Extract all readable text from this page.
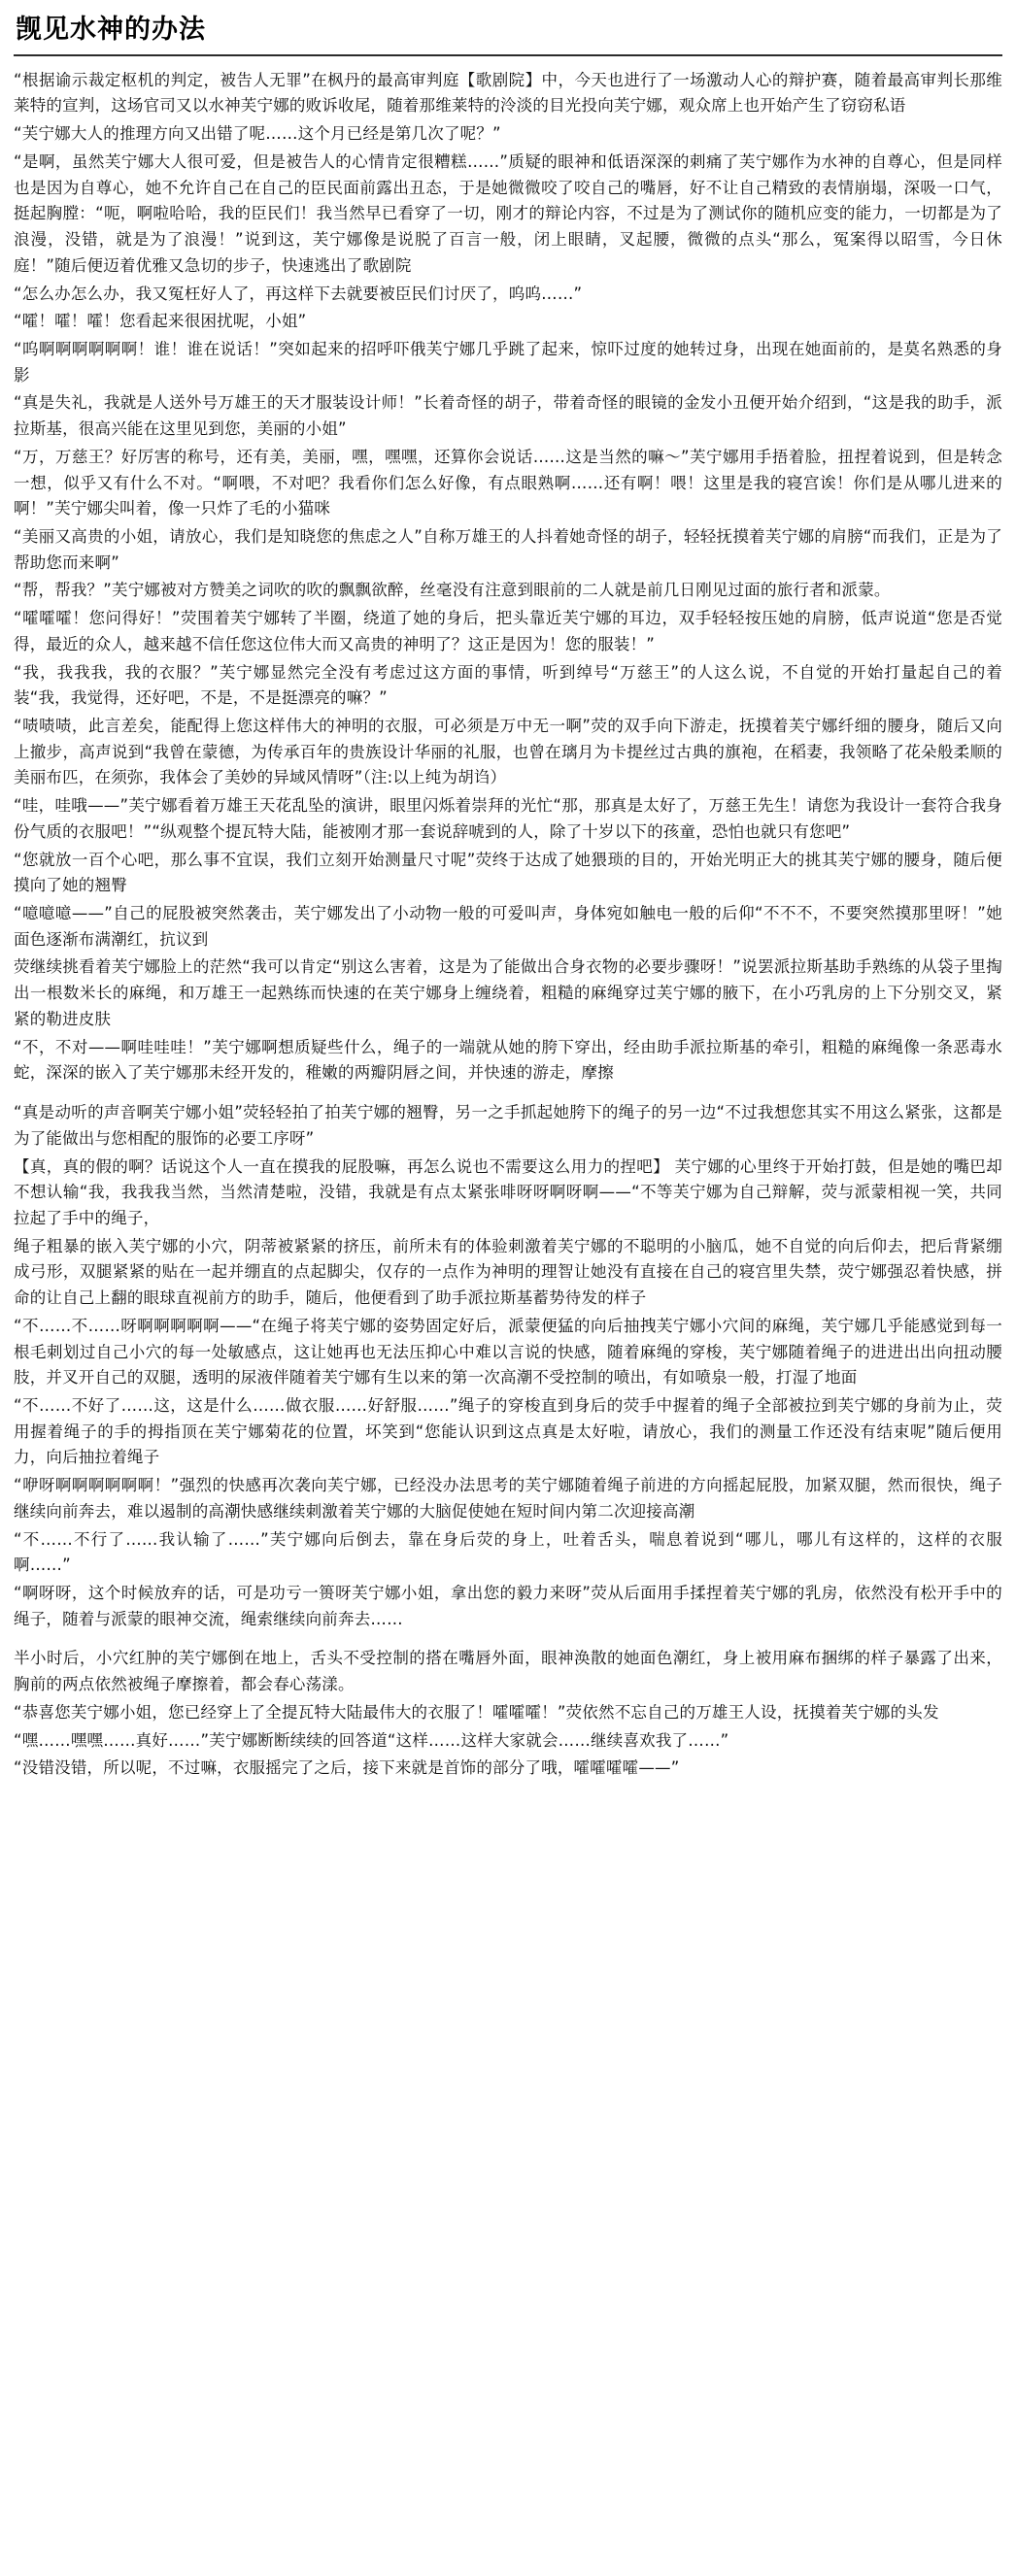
觊见水神的办法
“根据谕示裁定枢机的判定，被告人无罪”在枫丹的最高审判庭【歌剧院】中，今天也进行了一场激动人心的辩护赛，随着最高审判长那维莱特的宣判，这场官司又以水神芙宁娜的败诉收尾，随着那维莱特的泠淡的目光投向芙宁娜，观众席上也开始产生了窃窃私语
“芙宁娜大人的推理方向又出错了呢……这个月已经是第几次了呢？”
“是啊，虽然芙宁娜大人很可爱，但是被告人的心情肯定很糟糕……”质疑的眼神和低语深深的刺痛了芙宁娜作为水神的自尊心，但是同样也是因为自尊心，她不允许自己在自己的臣民面前露出丑态，于是她微微咬了咬自己的嘴唇，好不让自己精致的表情崩塌，深吸一口气，挺起胸膛：“呃，啊啦哈哈，我的臣民们！我当然早已看穿了一切，刚才的辩论内容，不过是为了测试你的随机应变的能力，一切都是为了浪漫，没错，就是为了浪漫！”说到这，芙宁娜像是说脱了百言一般，闭上眼睛，叉起腰，微微的点头“那么，冤案得以昭雪，今日休庭！”随后便迈着优雅又急切的步子，快速逃出了歌剧院
“怎么办怎么办，我又冤枉好人了，再这样下去就要被臣民们讨厌了，呜呜……”
“嚯！嚯！嚯！您看起来很困扰呢，小姐”
“呜啊啊啊啊啊啊！谁！谁在说话！”突如起来的招呼吓俄芙宁娜几乎跳了起来，惊吓过度的她转过身，出现在她面前的，是莫名熟悉的身影
“真是失礼，我就是人送外号万雄王的天才服装设计师！”长着奇怪的胡子，带着奇怪的眼镜的金发小丑便开始介绍到，“这是我的助手，派拉斯基，很高兴能在这里见到您，美丽的小姐”
“万，万慈王？好厉害的称号，还有美，美丽，嘿，嘿嘿，还算你会说话……这是当然的嘛～”芙宁娜用手捂着脸，扭捏着说到，但是转念一想，似乎又有什么不对。“啊喂，不对吧？我看你们怎么好像，有点眼熟啊……还有啊！喂！这里是我的寝宫诶！你们是从哪儿进来的啊！”芙宁娜尖叫着，像一只炸了毛的小猫咪
“美丽又高贵的小姐，请放心，我们是知晓您的焦虑之人”自称万雄王的人抖着她奇怪的胡子，轻轻抚摸着芙宁娜的肩膀“而我们，正是为了帮助您而来啊”
“帮，帮我？”芙宁娜被对方赞美之词吹的吹的飘飘欲醉，丝毫没有注意到眼前的二人就是前几日刚见过面的旅行者和派蒙。
“嚯嚯嚯！您问得好！”荧围着芙宁娜转了半圈，绕道了她的身后，把头靠近芙宁娜的耳边，双手轻轻按压她的肩膀，低声说道“您是否觉得，最近的众人，越来越不信任您这位伟大而又高贵的神明了？这正是因为！您的服装！”
“我，我我我，我的衣服？”芙宁娜显然完全没有考虑过这方面的事情，听到绰号“万慈王”的人这么说，不自觉的开始打量起自己的着装“我，我觉得，还好吧，不是，不是挺漂亮的嘛？”
“啧啧啧，此言差矣，能配得上您这样伟大的神明的衣服，可必须是万中无一啊”荧的双手向下游走，抚摸着芙宁娜纤细的腰身，随后又向上撤步，高声说到“我曾在蒙德，为传承百年的贵族设计华丽的礼服，也曾在璃月为卡提丝过古典的旗袍，在稻妻，我领略了花朵般柔顺的美丽布匹，在须弥，我体会了美妙的异域风情呀”（注:以上纯为胡诌）
“哇，哇哦——”芙宁娜看着万雄王天花乱坠的演讲，眼里闪烁着崇拜的光忙“那，那真是太好了，万慈王先生！请您为我设计一套符合我身份气质的衣服吧！”“纵观整个提瓦特大陆，能被刚才那一套说辞唬到的人，除了十岁以下的孩童，恐怕也就只有您吧”
“您就放一百个心吧，那么事不宜误，我们立刻开始测量尺寸呢”荧终于达成了她猥琐的目的，开始光明正大的挑其芙宁娜的腰身，随后便摸向了她的翘臀
“噫噫噫——”自己的屁股被突然袭击，芙宁娜发出了小动物一般的可爱叫声，身体宛如触电一般的后仰“不不不，不要突然摸那里呀！”她面色逐渐布满潮红，抗议到
荧继续挑看着芙宁娜脸上的茫然“我可以肯定“别这么害着，这是为了能做出合身衣物的必要步骤呀！”说罢派拉斯基助手熟练的从袋子里掏出一根数米长的麻绳，和万雄王一起熟练而快速的在芙宁娜身上缠绕着，粗糙的麻绳穿过芙宁娜的腋下，在小巧乳房的上下分别交叉，紧紧的勒进皮肤
“不，不对——啊哇哇哇！”芙宁娜啊想质疑些什么，绳子的一端就从她的胯下穿出，经由助手派拉斯基的牵引，粗糙的麻绳像一条恶毒水蛇，深深的嵌入了芙宁娜那未经开发的，稚嫩的两瓣阴唇之间，并快速的游走，摩擦
“真是动听的声音啊芙宁娜小姐”荧轻轻拍了拍芙宁娜的翘臀，另一之手抓起她胯下的绳子的另一边“不过我想您其实不用这么紧张，这都是为了能做出与您相配的服饰的必要工序呀”
【真，真的假的啊？话说这个人一直在摸我的屁股嘛，再怎么说也不需要这么用力的捏吧】 芙宁娜的心里终于开始打鼓，但是她的嘴巴却不想认输“我，我我我当然，当然清楚啦，没错，我就是有点太紧张啡呀呀啊呀啊——“不等芙宁娜为自己辩解，荧与派蒙相视一笑，共同拉起了手中的绳子，
绳子粗暴的嵌入芙宁娜的小穴，阴蒂被紧紧的挤压，前所未有的体验刺激着芙宁娜的不聪明的小脑瓜，她不自觉的向后仰去，把后背紧绷成弓形，双腿紧紧的贴在一起并绷直的点起脚尖，仅存的一点作为神明的理智让她没有直接在自己的寝宫里失禁，荧宁娜强忍着快感，拼命的让自己上翻的眼球直视前方的助手，随后，他便看到了助手派拉斯基蓄势待发的样子
“不……不……呀啊啊啊啊啊——“在绳子将芙宁娜的姿势固定好后，派蒙便猛的向后抽拽芙宁娜小穴间的麻绳，芙宁娜几乎能感觉到每一根毛刺划过自己小穴的每一处敏感点，这让她再也无法压抑心中难以言说的快感，随着麻绳的穿梭，芙宁娜随着绳子的进进出出向扭动腰肢，并叉开自己的双腿，透明的尿液伴随着芙宁娜有生以来的第一次高潮不受控制的喷出，有如喷泉一般，打湿了地面
“不……不好了……这，这是什么……做衣服……好舒服……”绳子的穿梭直到身后的荧手中握着的绳子全部被拉到芙宁娜的身前为止，荧用握着绳子的手的拇指顶在芙宁娜菊花的位置，坏笑到“您能认识到这点真是太好啦，请放心，我们的测量工作还没有结束呢”随后便用力，向后抽拉着绳子
“咿呀啊啊啊啊啊啊！”强烈的快感再次袭向芙宁娜，已经没办法思考的芙宁娜随着绳子前进的方向摇起屁股，加紧双腿，然而很快，绳子继续向前奔去，难以遏制的高潮快感继续刺激着芙宁娜的大脑促使她在短时间内第二次迎接高潮
“不……不行了……我认输了……”芙宁娜向后倒去，靠在身后荧的身上，吐着舌头，喘息着说到“哪儿，哪儿有这样的，这样的衣服啊……”
“啊呀呀，这个时候放弃的话，可是功亏一篑呀芙宁娜小姐，拿出您的毅力来呀”荧从后面用手揉捏着芙宁娜的乳房，依然没有松开手中的绳子，随着与派蒙的眼神交流，绳索继续向前奔去……
半小时后，小穴红肿的芙宁娜倒在地上，舌头不受控制的搭在嘴唇外面，眼神涣散的她面色潮红，身上被用麻布捆绑的样子暴露了出来，胸前的两点依然被绳子摩擦着，都会春心荡漾。
“恭喜您芙宁娜小姐，您已经穿上了全提瓦特大陆最伟大的衣服了！嚯嚯嚯！”荧依然不忘自己的万雄王人设，抚摸着芙宁娜的头发
“嘿……嘿嘿……真好……”芙宁娜断断续续的回答道“这样……这样大家就会……继续喜欢我了……”
“没错没错，所以呢，不过嘛，衣服摇完了之后，接下来就是首饰的部分了哦，嚯嚯嚯嚯——”
